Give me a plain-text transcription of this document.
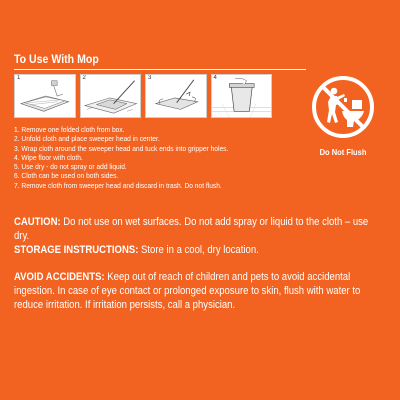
To Use With Mop
1	2	3	4
1. Remove one folded cloth from box.
2. Unfold cloth and place sweeper head in center.
3. Wrap cloth around the sweeper head and tuck ends into gripper holes.
4. Wipe floor with cloth.
5. Use dry - do not spray or add liquid.
6. Cloth can be used on both sides.
7. Remove cloth from sweeper head and discard in trash. Do not flush.
Do Not Flush
CAUTION: Do not use on wet surfaces. Do not add spray or liquid to the cloth – use dry.
STORAGE INSTRUCTIONS: Store in a cool, dry location.
AVOID ACCIDENTS: Keep out of reach of children and pets to avoid accidental ingestion. In case of eye contact or prolonged exposure to skin, flush with water to reduce irritation. If irritation persists, call a physician.
